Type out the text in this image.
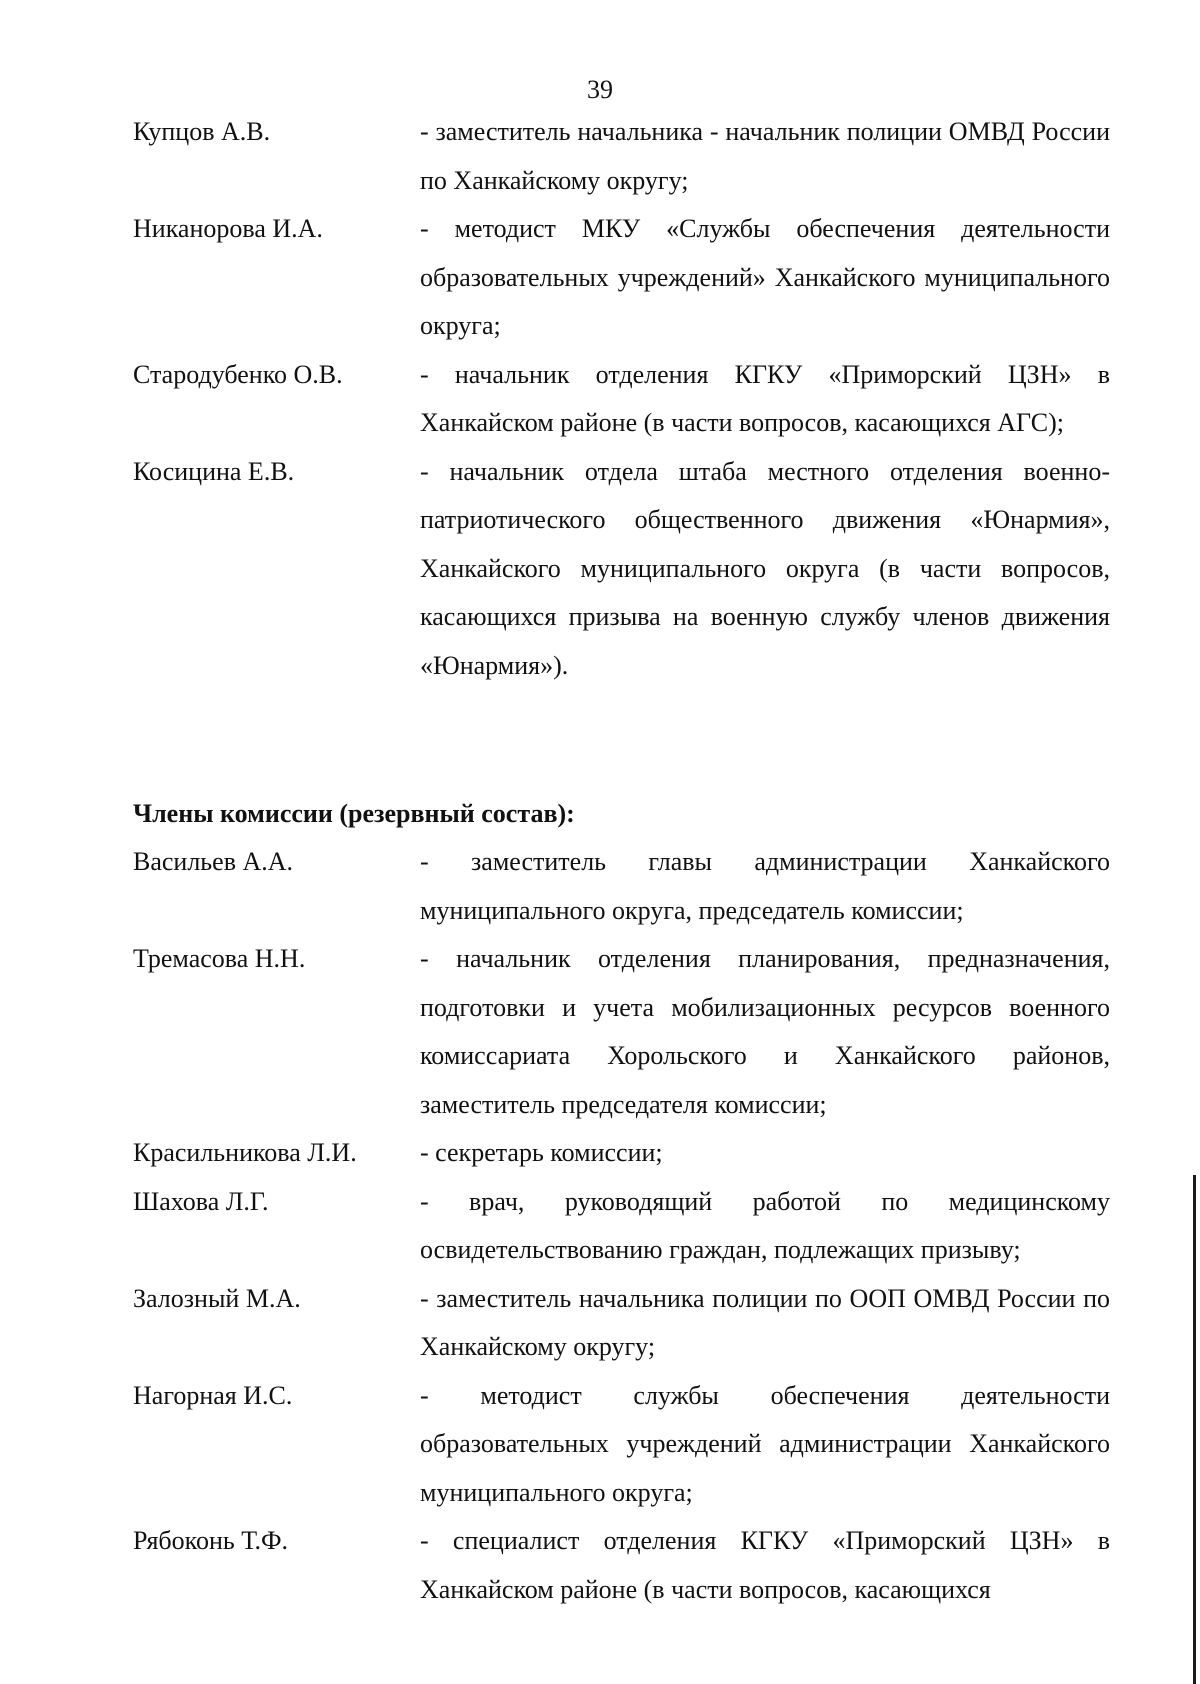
39
Купцов А.В.	- заместитель начальника - начальник полиции ОМВД России по Ханкайскому округу;
Никанорова И.А.	- методист МКУ «Службы обеспечения деятельности образовательных учреждений» Ханкайского муниципального округа;
Стародубенко О.В.	- начальник отделения КГКУ «Приморский ЦЗН» в Ханкайском районе (в части вопросов, касающихся АГС);
Косицина Е.В.	- начальник отдела штаба местного отделения военно-патриотического общественного движения «Юнармия», Ханкайского муниципального округа (в части вопросов, касающихся призыва на военную службу членов движения «Юнармия»).
Члены комиссии (резервный состав):
Васильев А.А.	- заместитель главы администрации Ханкайского муниципального округа, председатель комиссии;
Тремасова Н.Н.	- начальник отделения планирования, предназначения, подготовки и учета мобилизационных ресурсов военного комиссариата Хорольского и Ханкайского районов, заместитель председателя комиссии;
Красильникова Л.И.	- секретарь комиссии;
Шахова Л.Г.	- врач, руководящий работой по медицинскому освидетельствованию граждан, подлежащих призыву;
Залозный М.А.	- заместитель начальника полиции по ООП ОМВД России по Ханкайскому округу;
Нагорная И.С.	- методист службы обеспечения деятельности образовательных учреждений администрации Ханкайского муниципального округа;
Рябоконь Т.Ф.	- специалист отделения КГКУ «Приморский ЦЗН» в Ханкайском районе (в части вопросов, касающихся
